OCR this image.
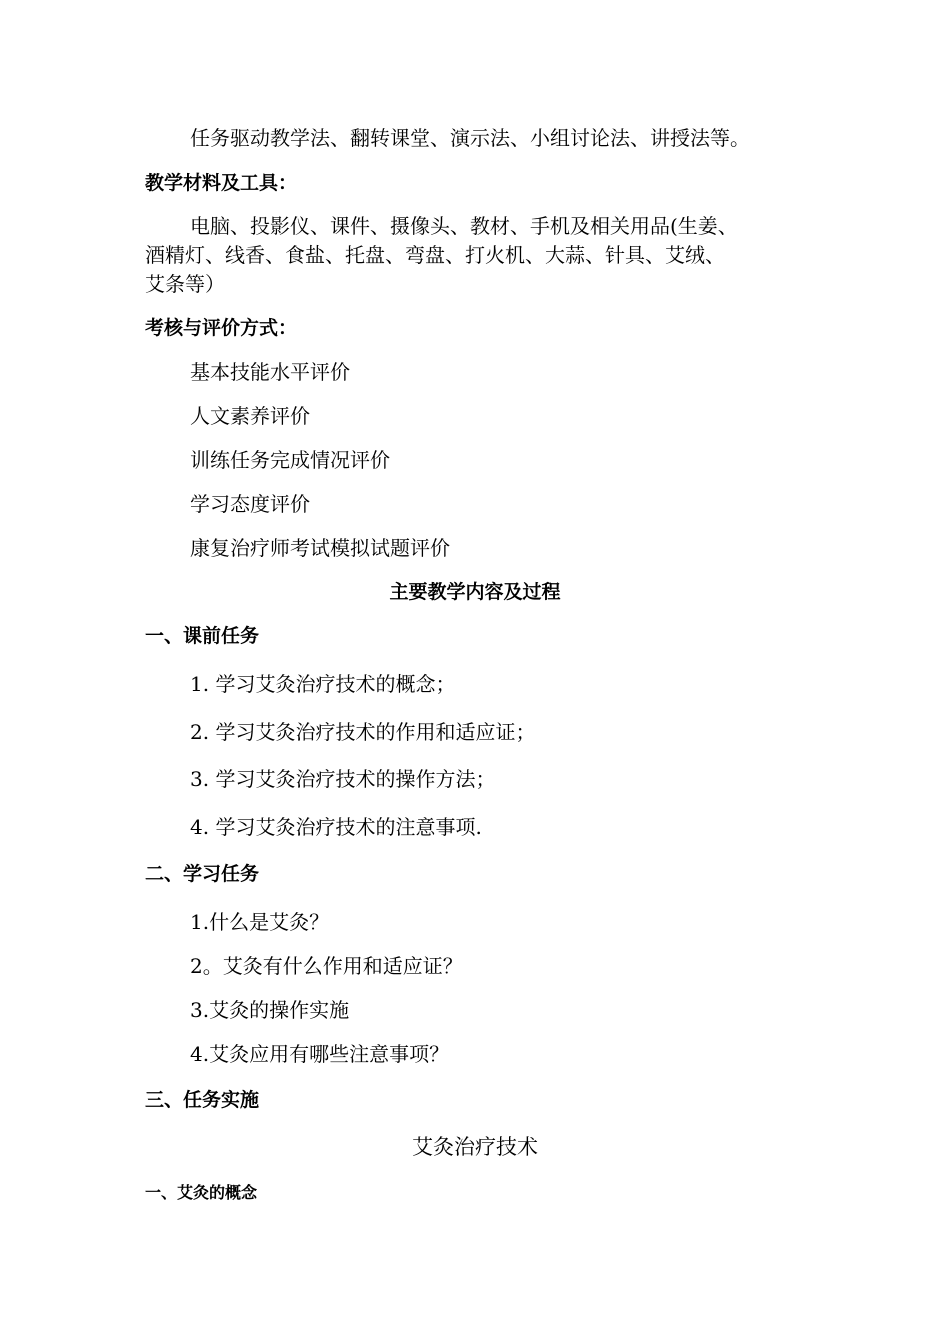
任务驱动教学法、翻转课堂、演示法、小组讨论法、讲授法等。
教学材料及工具：
电脑、投影仪、课件、摄像头、教材、手机及相关用品(生姜、
酒精灯、线香、食盐、托盘、弯盘、打火机、大蒜、针具、艾绒、
艾条等）
考核与评价方式：
基本技能水平评价
人文素养评价
训练任务完成情况评价
学习态度评价
康复治疗师考试模拟试题评价
主要教学内容及过程
一、课前任务
1. 学习艾灸治疗技术的概念；
2. 学习艾灸治疗技术的作用和适应证；
3. 学习艾灸治疗技术的操作方法；
4. 学习艾灸治疗技术的注意事项.
二、学习任务
1.什么是艾灸？
2。艾灸有什么作用和适应证？
3.艾灸的操作实施
4.艾灸应用有哪些注意事项？
三、任务实施
艾灸治疗技术
一、艾灸的概念
